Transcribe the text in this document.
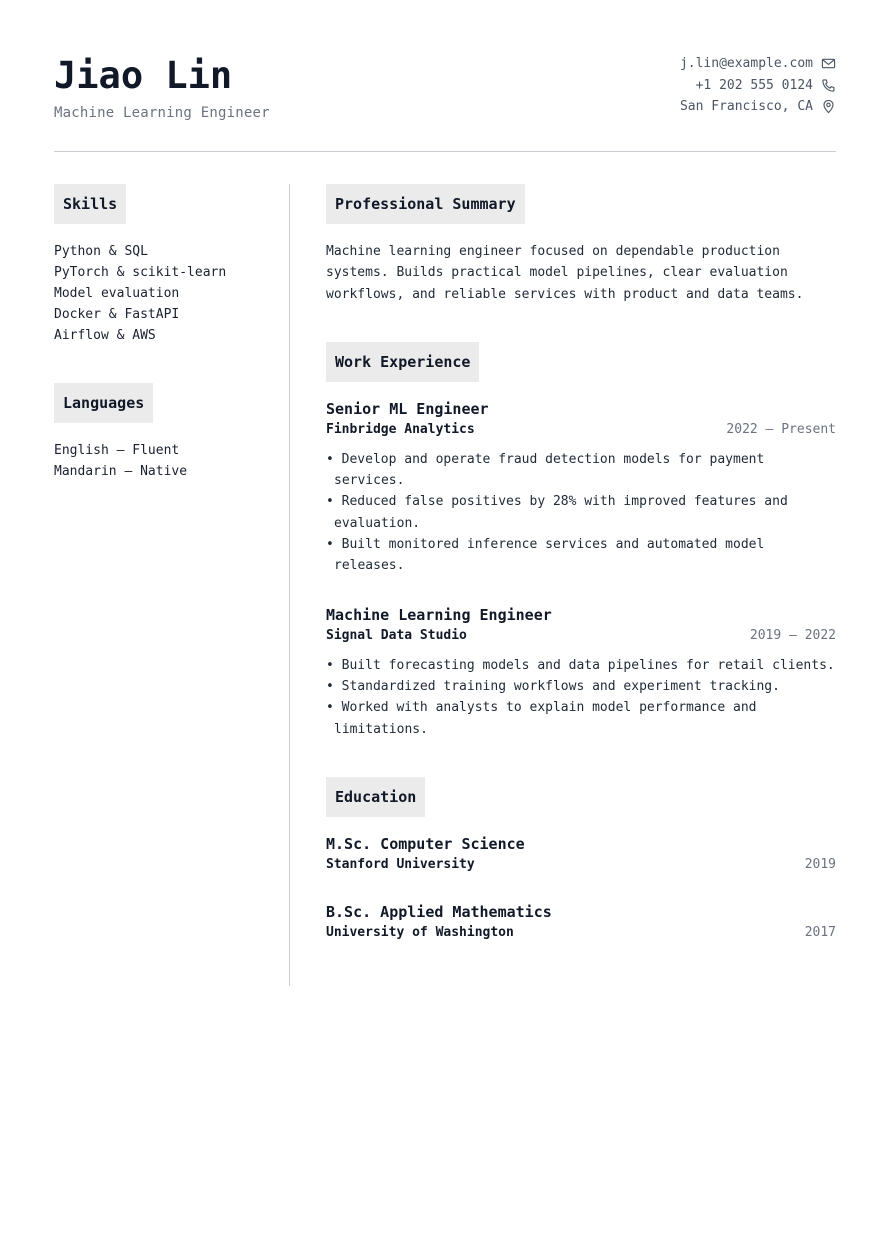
Jiao Lin
Machine Learning Engineer
j.lin@example.com
+1 202 555 0124
San Francisco, CA
Skills
Python & SQL
PyTorch & scikit-learn
Model evaluation
Docker & FastAPI
Airflow & AWS
Languages
English — Fluent
Mandarin — Native
Professional Summary

Machine learning engineer focused on dependable production systems. Builds practical model pipelines, clear evaluation workflows, and reliable services with product and data teams.

Work Experience
Senior ML Engineer
Finbridge Analytics	2022 — Present
• Develop and operate fraud detection models for payment services.
• Reduced false positives by 28% with improved features and evaluation.
• Built monitored inference services and automated model releases.
Machine Learning Engineer
Signal Data Studio	2019 — 2022
• Built forecasting models and data pipelines for retail clients.
• Standardized training workflows and experiment tracking.
• Worked with analysts to explain model performance and limitations.
Education
M.Sc. Computer Science
Stanford University	2019
B.Sc. Applied Mathematics
University of Washington	2017
